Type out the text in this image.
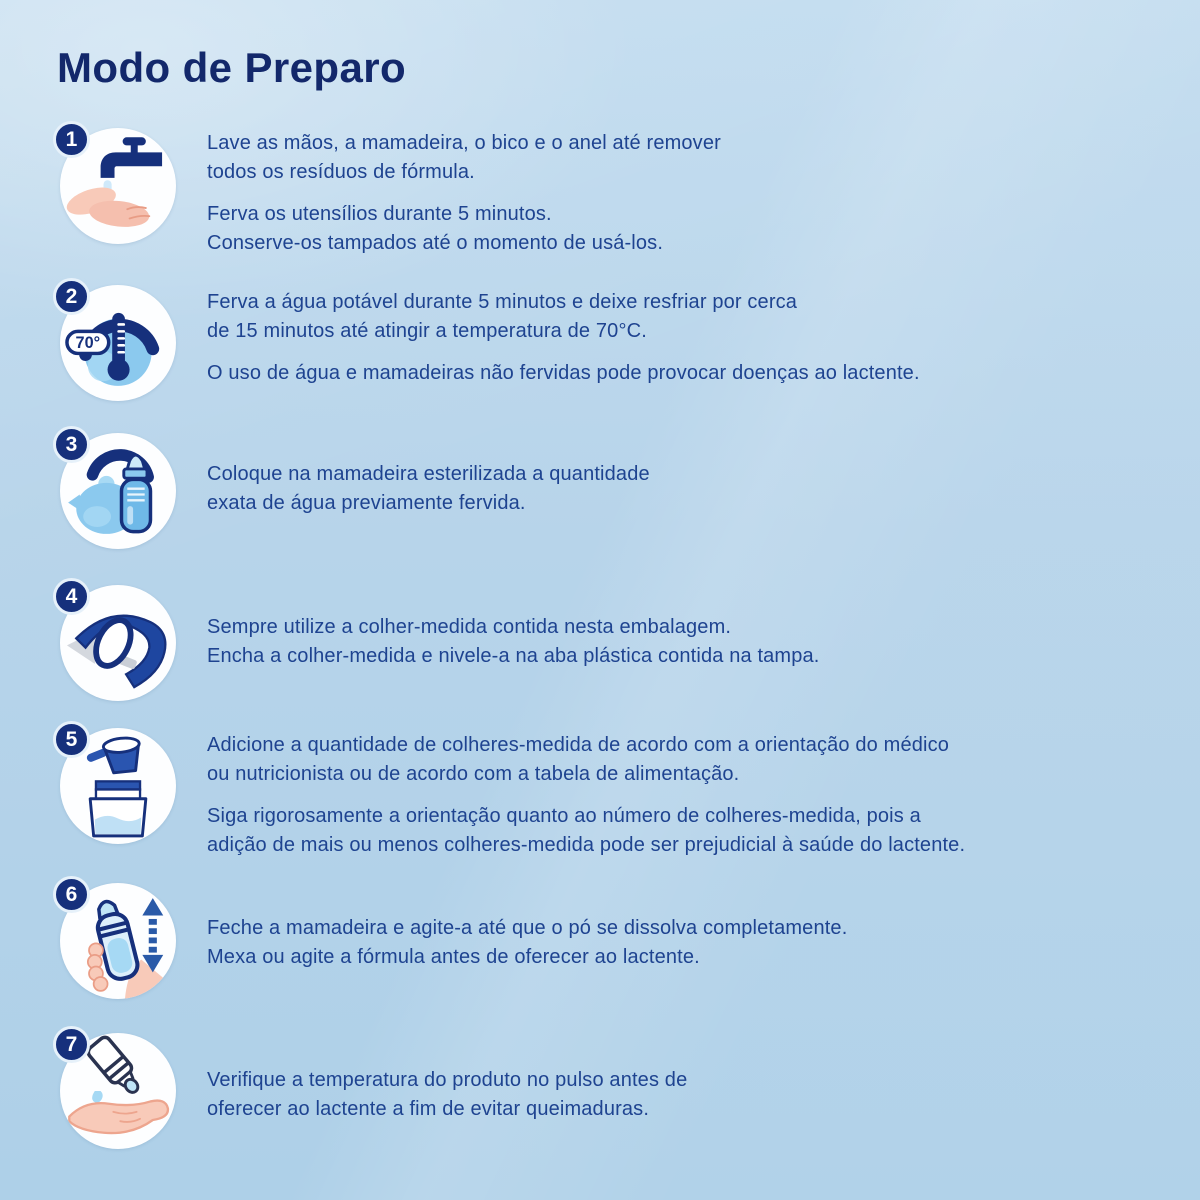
Modo de Preparo
1	Lave as mãos, a mamadeira, o bico e o anel até remover
todos os resíduos de fórmula.

Ferva os utensílios durante 5 minutos.
Conserve-os tampados até o momento de usá-los.

2
70°

Ferva a água potável durante 5 minutos e deixe resfriar por cerca
de 15 minutos até atingir a temperatura de 70°C.

O uso de água e mamadeiras não fervidas pode provocar doenças ao lactente.

3

Coloque na mamadeira esterilizada a quantidade
exata de água previamente fervida.

4

Sempre utilize a colher-medida contida nesta embalagem.
Encha a colher-medida e nivele-a na aba plástica contida na tampa.

5	Adicione a quantidade de colheres-medida de acordo com a orientação do médico
ou nutricionista ou de acordo com a tabela de alimentação.

Siga rigorosamente a orientação quanto ao número de colheres-medida, pois a
adição de mais ou menos colheres-medida pode ser prejudicial à saúde do lactente.

6

Feche a mamadeira e agite-a até que o pó se dissolva completamente.
Mexa ou agite a fórmula antes de oferecer ao lactente.

7

Verifique a temperatura do produto no pulso antes de
oferecer ao lactente a fim de evitar queimaduras.
